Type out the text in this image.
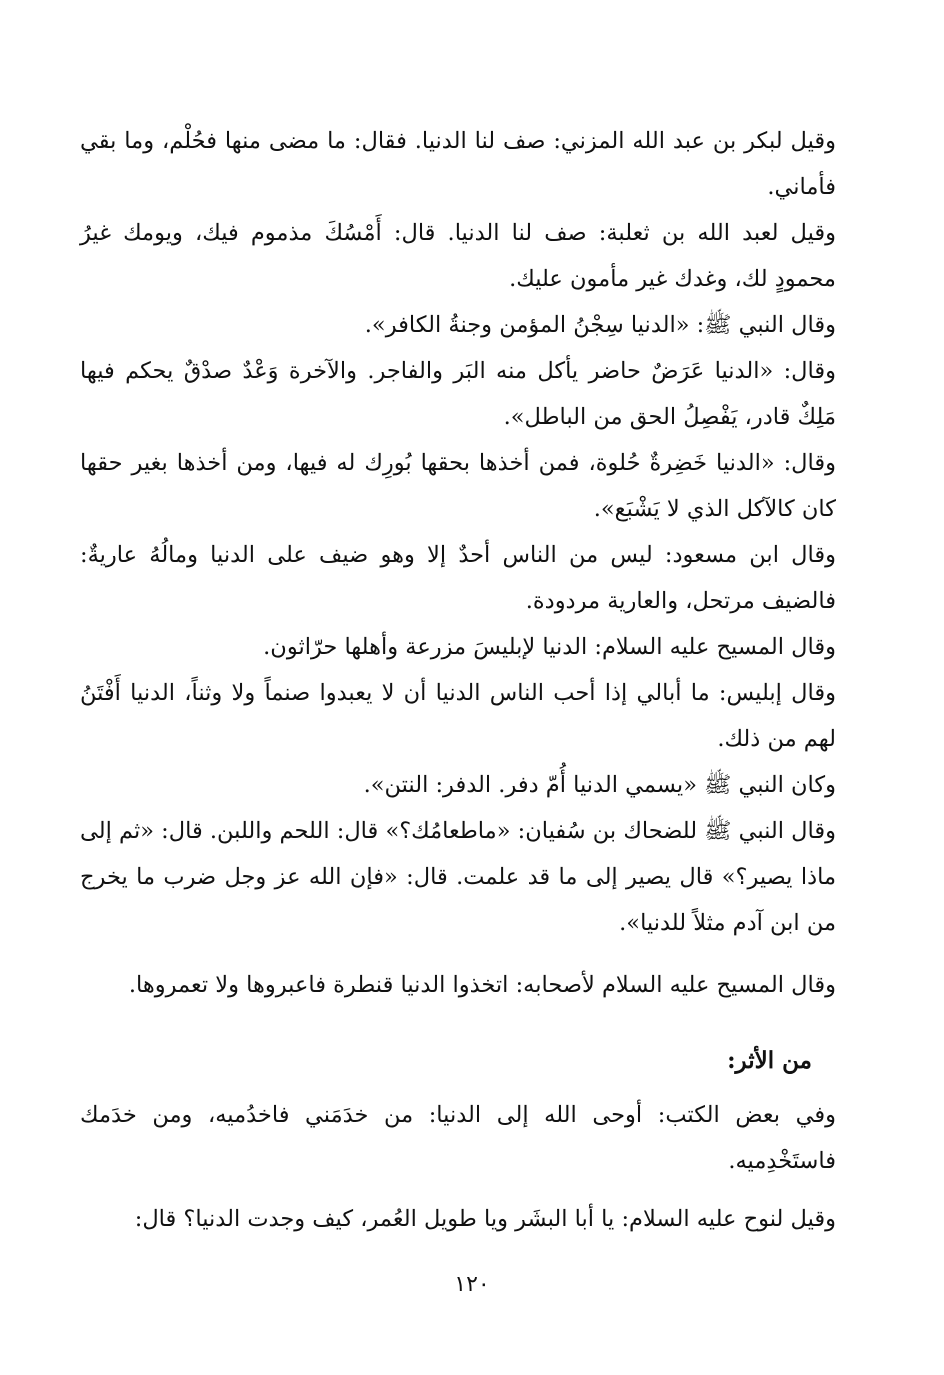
وقيل لبكر بن عبد الله المزني: صف لنا الدنيا. فقال: ما مضى منها فحُلْم، وما بقي فأماني.

وقيل لعبد الله بن ثعلبة: صف لنا الدنيا. قال: أَمْسُكَ مذموم فيك، ويومك غيرُ محمودٍ لك، وغدك غير مأمون عليك.

وقال النبي ﷺ: «الدنيا سِجْنُ المؤمن وجنةُ الكافر».

وقال: «الدنيا عَرَضٌ حاضر يأكل منه البَر والفاجر. والآخرة وَعْدٌ صدْقٌ يحكم فيها مَلِكٌ قادر، يَفْصِلُ الحق من الباطل».

وقال: «الدنيا خَضِرةٌ حُلوة، فمن أخذها بحقها بُورِك له فيها، ومن أخذها بغير حقها كان كالآكل الذي لا يَشْبَع».

وقال ابن مسعود: ليس من الناس أحدٌ إلا وهو ضيف على الدنيا ومالُهُ عاريةٌ: فالضيف مرتحل، والعارية مردودة.

وقال المسيح عليه السلام: الدنيا لإبليسَ مزرعة وأهلها حرّاثون.

وقال إبليس: ما أبالي إذا أحب الناس الدنيا أن لا يعبدوا صنماً ولا وثناً، الدنيا أَفْتَنُ لهم من ذلك.

وكان النبي ﷺ «يسمي الدنيا أُمّ دفر. الدفر: النتن».

وقال النبي ﷺ للضحاك بن سُفيان: «ماطعامُك؟» قال: اللحم واللبن. قال: «ثم إلى ماذا يصير؟» قال يصير إلى ما قد علمت. قال: «فإن الله عز وجل ضرب ما يخرج من ابن آدم مثلاً للدنيا».

وقال المسيح عليه السلام لأصحابه: اتخذوا الدنيا قنطرة فاعبروها ولا تعمروها.

من الأثر:

وفي بعض الكتب: أوحى الله إلى الدنيا: من خدَمَني فاخدُميه، ومن خدَمك فاستَخْدِميه.

وقيل لنوح عليه السلام: يا أبا البشَر ويا طويل العُمر، كيف وجدت الدنيا؟ قال:

١٢٠
